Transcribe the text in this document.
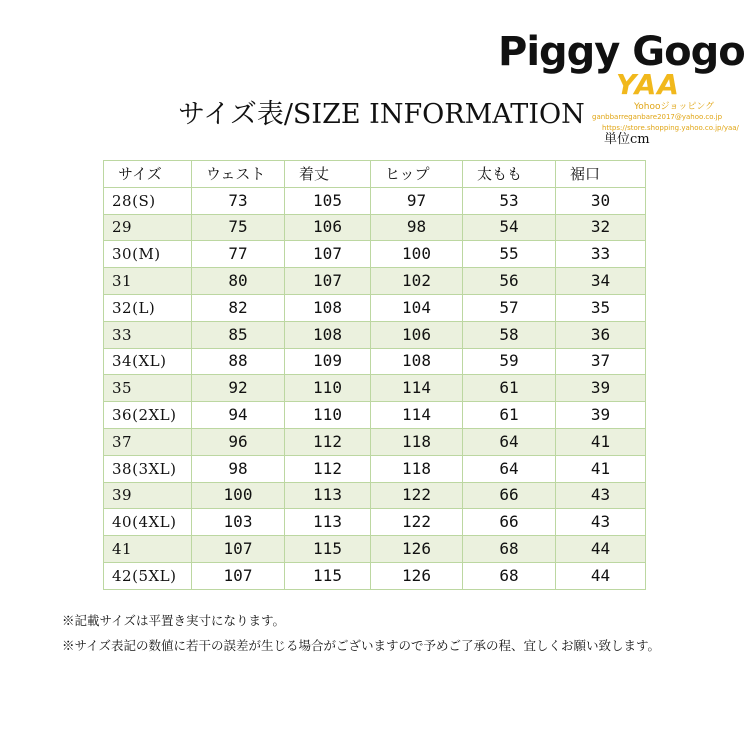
Piggy Gogo
YAA
Yohooジョッピング
ganbbarreganbare2017@yahoo.co.jp
https://store.shopping.yahoo.co.jp/yaa/
サイズ表/SIZE INFORMATION
単位cm
サイズ	ウェスト	着丈	ヒップ	太もも	裾口
28(S)	73	105	97	53	30
29	75	106	98	54	32
30(M)	77	107	100	55	33
31	80	107	102	56	34
32(L)	82	108	104	57	35
33	85	108	106	58	36
34(XL)	88	109	108	59	37
35	92	110	114	61	39
36(2XL)	94	110	114	61	39
37	96	112	118	64	41
38(3XL)	98	112	118	64	41
39	100	113	122	66	43
40(4XL)	103	113	122	66	43
41	107	115	126	68	44
42(5XL)	107	115	126	68	44
※記載サイズは平置き実寸になります。
※サイズ表記の数値に若干の誤差が生じる場合がございますので予めご了承の程、宜しくお願い致します。
